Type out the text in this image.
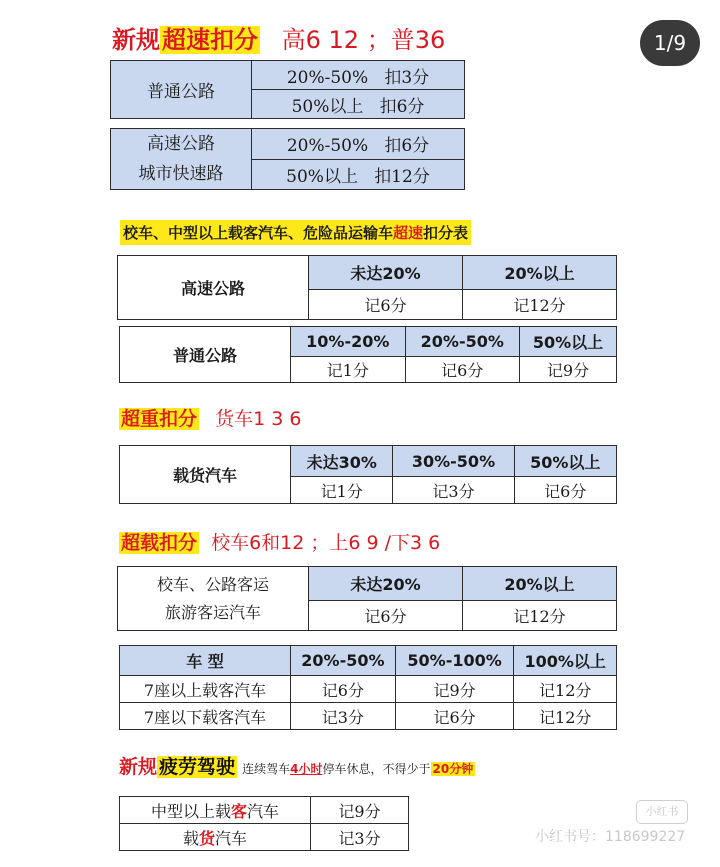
1/9
新规超速扣分 高6 12 ；普36
普通公路	20%-50% 扣3分
50%以上 扣6分
高速公路
城市快速路	20%-50% 扣6分
50%以上 扣12分
校车、中型以上载客汽车、危险品运输车超速扣分表
高速公路	未达20%	20%以上
	记6分	记12分
普通公路	10%-20%	20%-50%	50%以上
	记1分	记6分	记9分
超重扣分 货车1 3 6
载货汽车	未达30%	30%-50%	50%以上
	记1分	记3分	记6分
超载扣分 校车6和12 ；上6 9 /下3 6
校车、公路客运
旅游客运汽车	未达20%	20%以上
	记6分	记12分
车 型	20%-50%	50%-100%	100%以上
7座以上载客汽车	记6分	记9分	记12分
7座以下载客汽车	记3分	记6分	记12分
新规 疲劳驾驶 连续驾车4小时停车休息，不得少于 20分钟
中型以上载客汽车	记9分
载货汽车	记3分
小红书
小红书号：118699227
